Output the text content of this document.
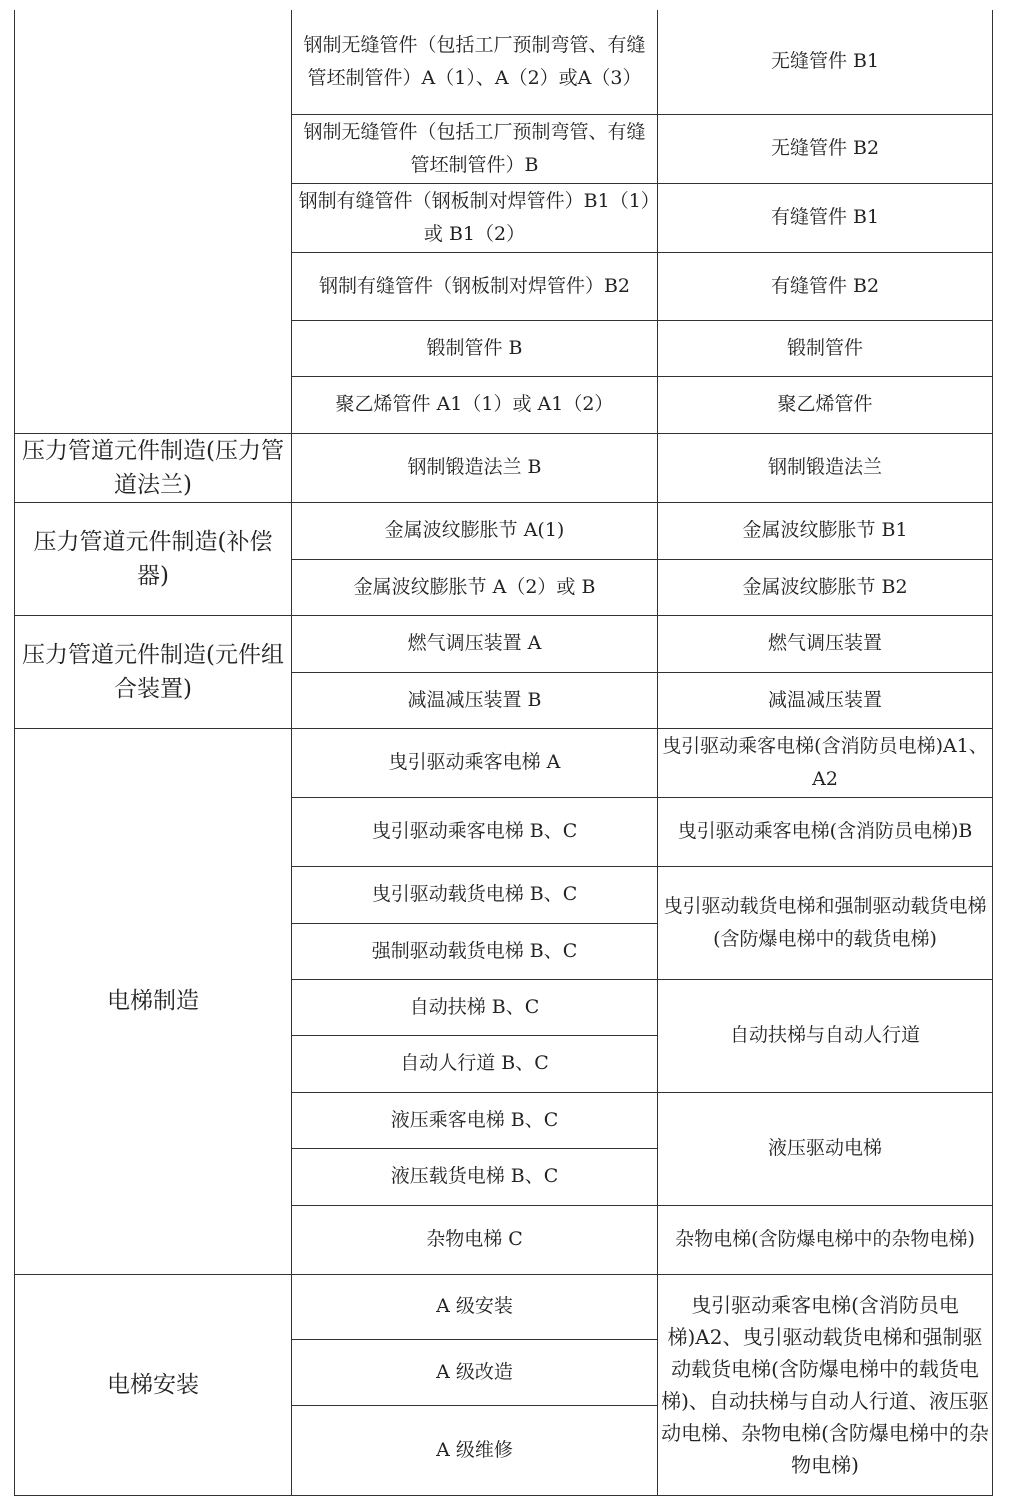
	钢制无缝管件（包括工厂预制弯管、有缝管坯制管件）A（1）、A（2）或A（3）	无缝管件 B1
	钢制无缝管件（包括工厂预制弯管、有缝管坯制管件）B	无缝管件 B2
	钢制有缝管件（钢板制对焊管件）B1（1）或 B1（2）	有缝管件 B1
	钢制有缝管件（钢板制对焊管件）B2	有缝管件 B2
	锻制管件 B	锻制管件
	聚乙烯管件 A1（1）或 A1（2）	聚乙烯管件
压力管道元件制造(压力管道法兰)	钢制锻造法兰 B	钢制锻造法兰
压力管道元件制造(补偿器)	金属波纹膨胀节 A(1)	金属波纹膨胀节 B1
	金属波纹膨胀节 A（2）或 B	金属波纹膨胀节 B2
压力管道元件制造(元件组合装置)	燃气调压装置 A	燃气调压装置
	减温减压装置 B	减温减压装置
电梯制造	曳引驱动乘客电梯 A	曳引驱动乘客电梯(含消防员电梯)A1、A2
	曳引驱动乘客电梯 B、C	曳引驱动乘客电梯(含消防员电梯)B
	曳引驱动载货电梯 B、C	曳引驱动载货电梯和强制驱动载货电梯(含防爆电梯中的载货电梯)
	强制驱动载货电梯 B、C	
	自动扶梯 B、C	自动扶梯与自动人行道
	自动人行道 B、C	
	液压乘客电梯 B、C	液压驱动电梯
	液压载货电梯 B、C	
	杂物电梯 C	杂物电梯(含防爆电梯中的杂物电梯)
电梯安装	A 级安装	曳引驱动乘客电梯(含消防员电梯)A2、曳引驱动载货电梯和强制驱动载货电梯(含防爆电梯中的载货电梯)、自动扶梯与自动人行道、液压驱动电梯、杂物电梯(含防爆电梯中的杂物电梯)
	A 级改造	
	A 级维修	
